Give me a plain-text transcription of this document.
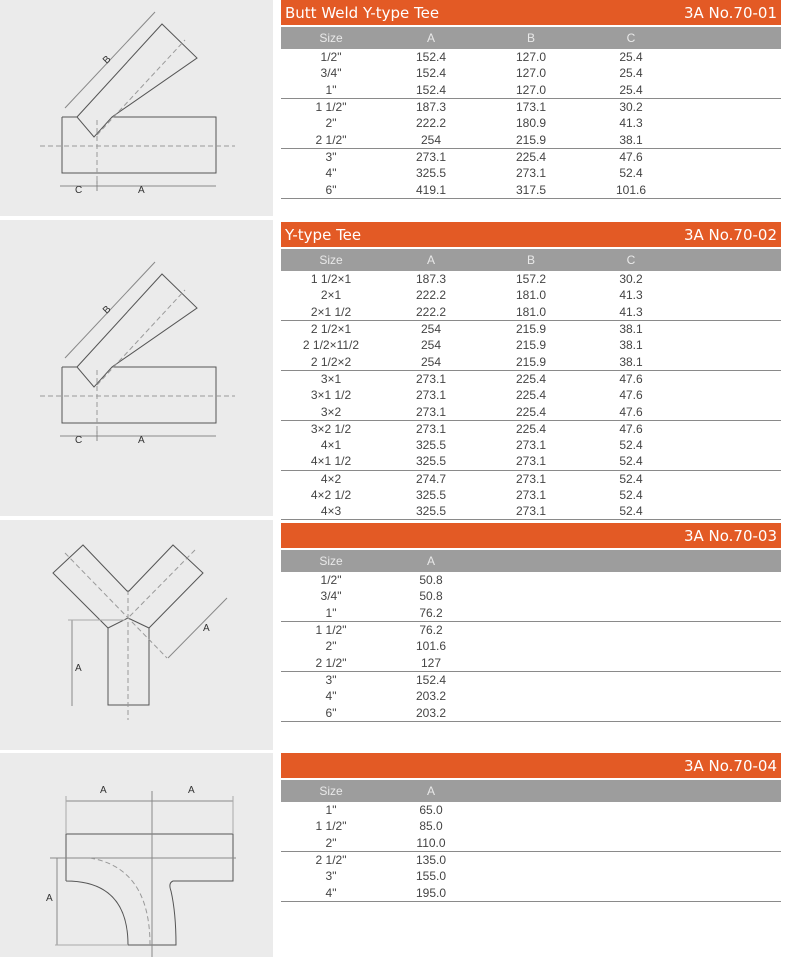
B
C	A
Butt Weld Y-type Tee	3A No.70-01
Size	A	B	C
1/2"	152.4	127.0	25.4
3/4"	152.4	127.0	25.4
1"	152.4	127.0	25.4
1 1/2"	187.3	173.1	30.2
2"	222.2	180.9	41.3
2 1/2"	254	215.9	38.1
3"	273.1	225.4	47.6
4"	325.5	273.1	52.4
6"	419.1	317.5	101.6
B
C	A
Y-type Tee	3A No.70-02
Size	A	B	C
1 1/2×1	187.3	157.2	30.2
2×1	222.2	181.0	41.3
2×1 1/2	222.2	181.0	41.3
2 1/2×1	254	215.9	38.1
2 1/2×11/2	254	215.9	38.1
2 1/2×2	254	215.9	38.1
3×1	273.1	225.4	47.6
3×1 1/2	273.1	225.4	47.6
3×2	273.1	225.4	47.6
3×2 1/2	273.1	225.4	47.6
4×1	325.5	273.1	52.4
4×1 1/2	325.5	273.1	52.4
4×2	274.7	273.1	52.4
4×2 1/2	325.5	273.1	52.4
4×3	325.5	273.1	52.4
A
A
3A No.70-03
Size	A
1/2"	50.8
3/4"	50.8
1"	76.2
1 1/2"	76.2
2"	101.6
2 1/2"	127
3"	152.4
4"	203.2
6"	203.2
A	A
A
3A No.70-04
Size	A
1"	65.0
1 1/2"	85.0
2"	110.0
2 1/2"	135.0
3"	155.0
4"	195.0
